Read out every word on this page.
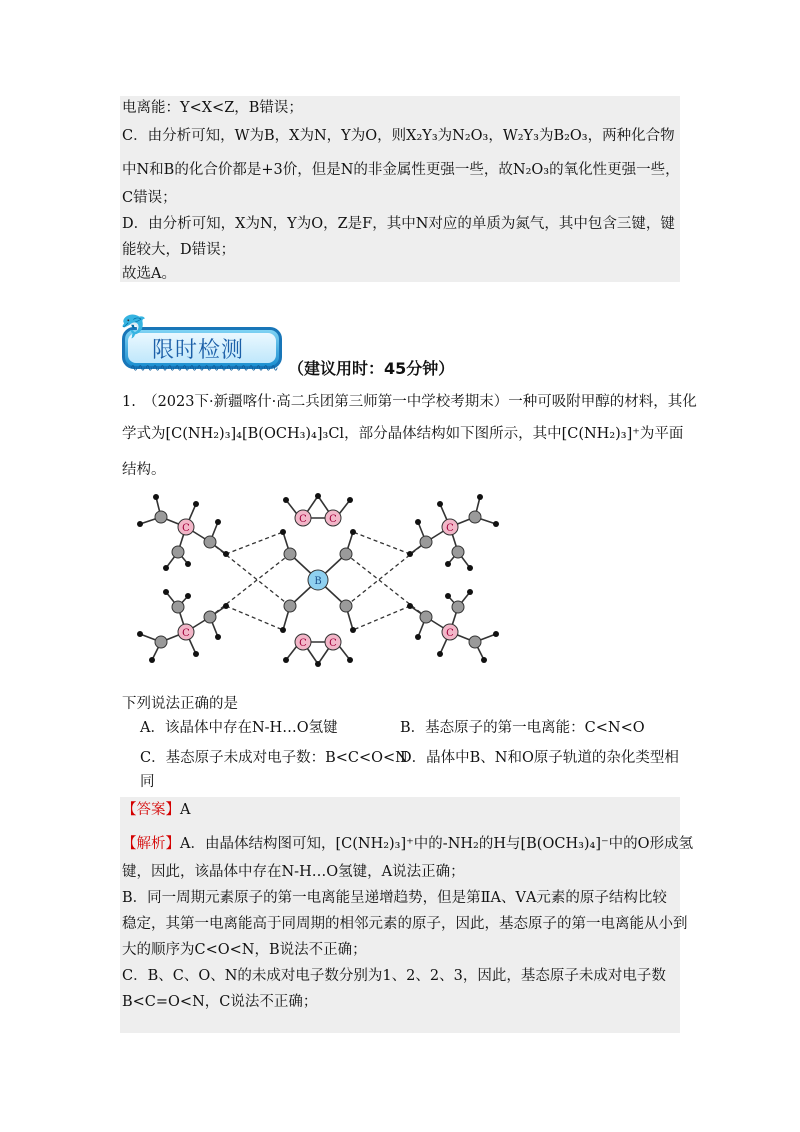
电离能：Y<X<Z，B错误；
C．由分析可知，W为B，X为N，Y为O，则X₂Y₃为N₂O₃，W₂Y₃为B₂O₃，两种化合物
中N和B的化合价都是+3价，但是N的非金属性更强一些，故N₂O₃的氧化性更强一些，
C错误；
D．由分析可知，X为N，Y为O，Z是F，其中N对应的单质为氮气，其中包含三键，键
能较大，D错误；
故选A。
🐬
限时检测
∿∿∿∿∿∿∿∿∿∿∿∿∿∿∿∿∿∿∿∿ （建议用时：45分钟）
1.　（2023下·新疆喀什·高二兵团第三师第一中学校考期末）一种可吸附甲醇的材料，其化
学式为[C(NH₂)₃]₄[B(OCH₃)₄]₃Cl，部分晶体结构如下图所示，其中[C(NH₂)₃]⁺为平面
结构。
C
C
C C
C C
C
C
B
下列说法正确的是
A．该晶体中存在N-H…O氢键	B．基态原子的第一电离能：C<N<O
C．基态原子未成对电子数：B<C<O<N
D．晶体中B、N和O原子轨道的杂化类型相
同
【答案】A
【解析】A．由晶体结构图可知，[C(NH₂)₃]⁺中的-NH₂的H与[B(OCH₃)₄]⁻中的O形成氢
键，因此，该晶体中存在N-H…O氢键，A说法正确；
B．同一周期元素原子的第一电离能呈递增趋势，但是第ⅡA、ⅤA元素的原子结构比较
稳定，其第一电离能高于同周期的相邻元素的原子，因此，基态原子的第一电离能从小到
大的顺序为C<O<N，B说法不正确；
C．B、C、O、N的未成对电子数分别为1、2、2、3，因此，基态原子未成对电子数
B<C=O<N，C说法不正确；
